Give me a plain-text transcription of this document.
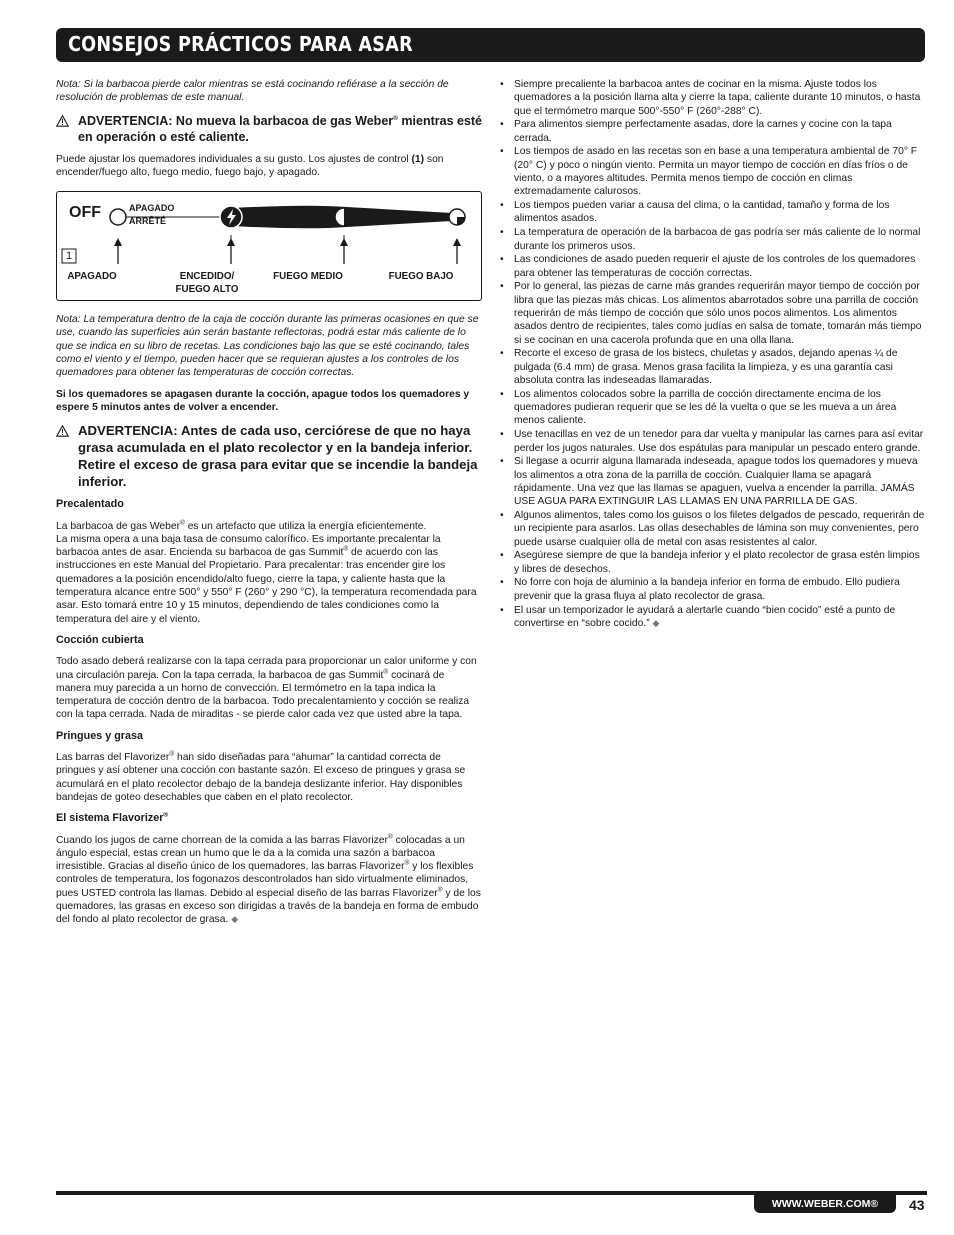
CONSEJOS PRÁCTICOS PARA ASAR

Nota: Si la barbacoa pierde calor mientras se está cocinando refiérase a la sección de resolución de problemas de este manual.

ADVERTENCIA: No mueva la barbacoa de gas Weber® mientras esté en operación o esté caliente.

Puede ajustar los quemadores individuales a su gusto. Los ajustes de control (1) son encender/fuego alto, fuego medio, fuego bajo, y apagado.

OFF	APAGADO
ARRÊTÉ
1
APAGADO	ENCEDIDO/
FUEGO ALTO
FUEGO MEDIO	FUEGO BAJO

Nota: La temperatura dentro de la caja de cocción durante las primeras ocasiones en que se use, cuando las superficies aún serán bastante reflectoras, podrá estar más caliente de lo que se indica en su libro de recetas. Las condiciones bajo las que se esté cocinando, tales como el viento y el tiempo, pueden hacer que se requieran ajustes a los controles de los quemadores para obtener las temperaturas de cocción correctas.

Si los quemadores se apagasen durante la cocción, apague todos los quemadores y espere 5 minutos antes de volver a encender.

ADVERTENCIA: Antes de cada uso, cerciórese de que no haya grasa acumulada en el plato recolector y en la bandeja inferior. Retire el exceso de grasa para evitar que se incendie la bandeja inferior.
Precalentado

La barbacoa de gas Weber® es un artefacto que utiliza la energía eficientemente.

La misma opera a una baja tasa de consumo calorífico. Es importante precalentar la barbacoa antes de asar. Encienda su barbacoa de gas Summit® de acuerdo con las instrucciones en este Manual del Propietario. Para precalentar: tras encender gire los quemadores a la posición encendido/alto fuego, cierre la tapa, y caliente hasta que la temperatura alcance entre 500° y 550° F (260° y 290 °C), la temperatura recomendada para asar. Esto tomará entre 10 y 15 minutos, dependiendo de tales condiciones como la temperatura del aire y el viento.

Cocción cubierta

Todo asado deberá realizarse con la tapa cerrada para proporcionar un calor uniforme y con una circulación pareja. Con la tapa cerrada, la barbacoa de gas Summit® cocinará de manera muy parecida a un horno de convección. El termómetro en la tapa indica la temperatura de cocción dentro de la barbacoa. Todo precalentamiento y cocción se realiza con la tapa cerrada. Nada de miraditas - se pierde calor cada vez que usted abre la tapa.

Pringues y grasa

Las barras del Flavorizer® han sido diseñadas para “ahumar” la cantidad correcta de pringues y así obtener una cocción con bastante sazón. El exceso de pringues y grasa se acumulará en el plato recolector debajo de la bandeja deslizante inferior. Hay disponibles bandejas de goteo desechables que caben en el plato recolector.

El sistema Flavorizer®

Cuando los jugos de carne chorrean de la comida a las barras Flavorizer® colocadas a un ángulo especial, estas crean un humo que le da a la comida una sazón a barbacoa irresistible. Gracias al diseño único de los quemadores, las barras Flavorizer® y los flexibles controles de temperatura, los fogonazos descontrolados han sido virtualmente eliminados, pues USTED controla las llamas. Debido al especial diseño de las barras Flavorizer® y de los quemadores, las grasas en exceso son dirigidas a través de la bandeja en forma de embudo del fondo al plato recolector de grasa. ◆

• Siempre precaliente la barbacoa antes de cocinar en la misma. Ajuste todos los quemadores a la posición llama alta y cierre la tapa, caliente durante 10 minutos, o hasta que el termómetro marque 500°-550° F (260°-288° C).
• Para alimentos siempre perfectamente asadas, dore la carnes y cocine con la tapa cerrada.
• Los tiempos de asado en las recetas son en base a una temperatura ambiental de 70° F (20° C) y poco o ningún viento. Permita un mayor tiempo de cocción en días fríos o de viento, o a mayores altitudes. Permita menos tiempo de cocción en climas extremadamente calurosos.
• Los tiempos pueden variar a causa del clima, o la cantidad, tamaño y forma de los alimentos asados.
• La temperatura de operación de la barbacoa de gas podría ser más caliente de lo normal durante los primeros usos.
• Las condiciones de asado pueden requerir el ajuste de los controles de los quemadores para obtener las temperaturas de cocción correctas.
• Por lo general, las piezas de carne más grandes requerirán mayor tiempo de cocción por libra que las piezas más chicas. Los alimentos abarrotados sobre una parrilla de cocción requerirán de más tiempo de cocción que sólo unos pocos alimentos. Los alimentos asados dentro de recipientes, tales como judías en salsa de tomate, tomarán más tiempo si se cocinan en una cacerola profunda que en una olla llana.
• Recorte el exceso de grasa de los bistecs, chuletas y asados, dejando apenas ¼ de pulgada (6.4 mm) de grasa. Menos grasa facilita la limpieza, y es una garantía casi absoluta contra las indeseadas llamaradas.
• Los alimentos colocados sobre la parrilla de cocción directamente encima de los quemadores pudieran requerir que se les dé la vuelta o que se les mueva a un área menos caliente.
• Use tenacillas en vez de un tenedor para dar vuelta y manipular las carnes para así evitar perder los jugos naturales. Use dos espátulas para manipular un pescado entero grande.
• Si llegase a ocurrir alguna llamarada indeseada, apague todos los quemadores y mueva los alimentos a otra zona de la parrilla de cocción. Cualquier llama se apagará rápidamente. Una vez que las llamas se apaguen, vuelva a encender la parrilla. JAMÁS USE AGUA PARA EXTINGUIR LAS LLAMAS EN UNA PARRILLA DE GAS.
• Algunos alimentos, tales como los guisos o los filetes delgados de pescado, requerirán de un recipiente para asarlos. Las ollas desechables de lámina son muy convenientes, pero puede usarse cualquier olla de metal con asas resistentes al calor.
• Asegúrese siempre de que la bandeja inferior y el plato recolector de grasa estén limpios y libres de desechos.
• No forre con hoja de aluminio a la bandeja inferior en forma de embudo. Ello pudiera prevenir que la grasa fluya al plato recolector de grasa.
• El usar un temporizador le ayudará a alertarle cuando “bien cocido” esté a punto de convertirse en “sobre cocido.” ◆
WWW.WEBER.COM®	43
